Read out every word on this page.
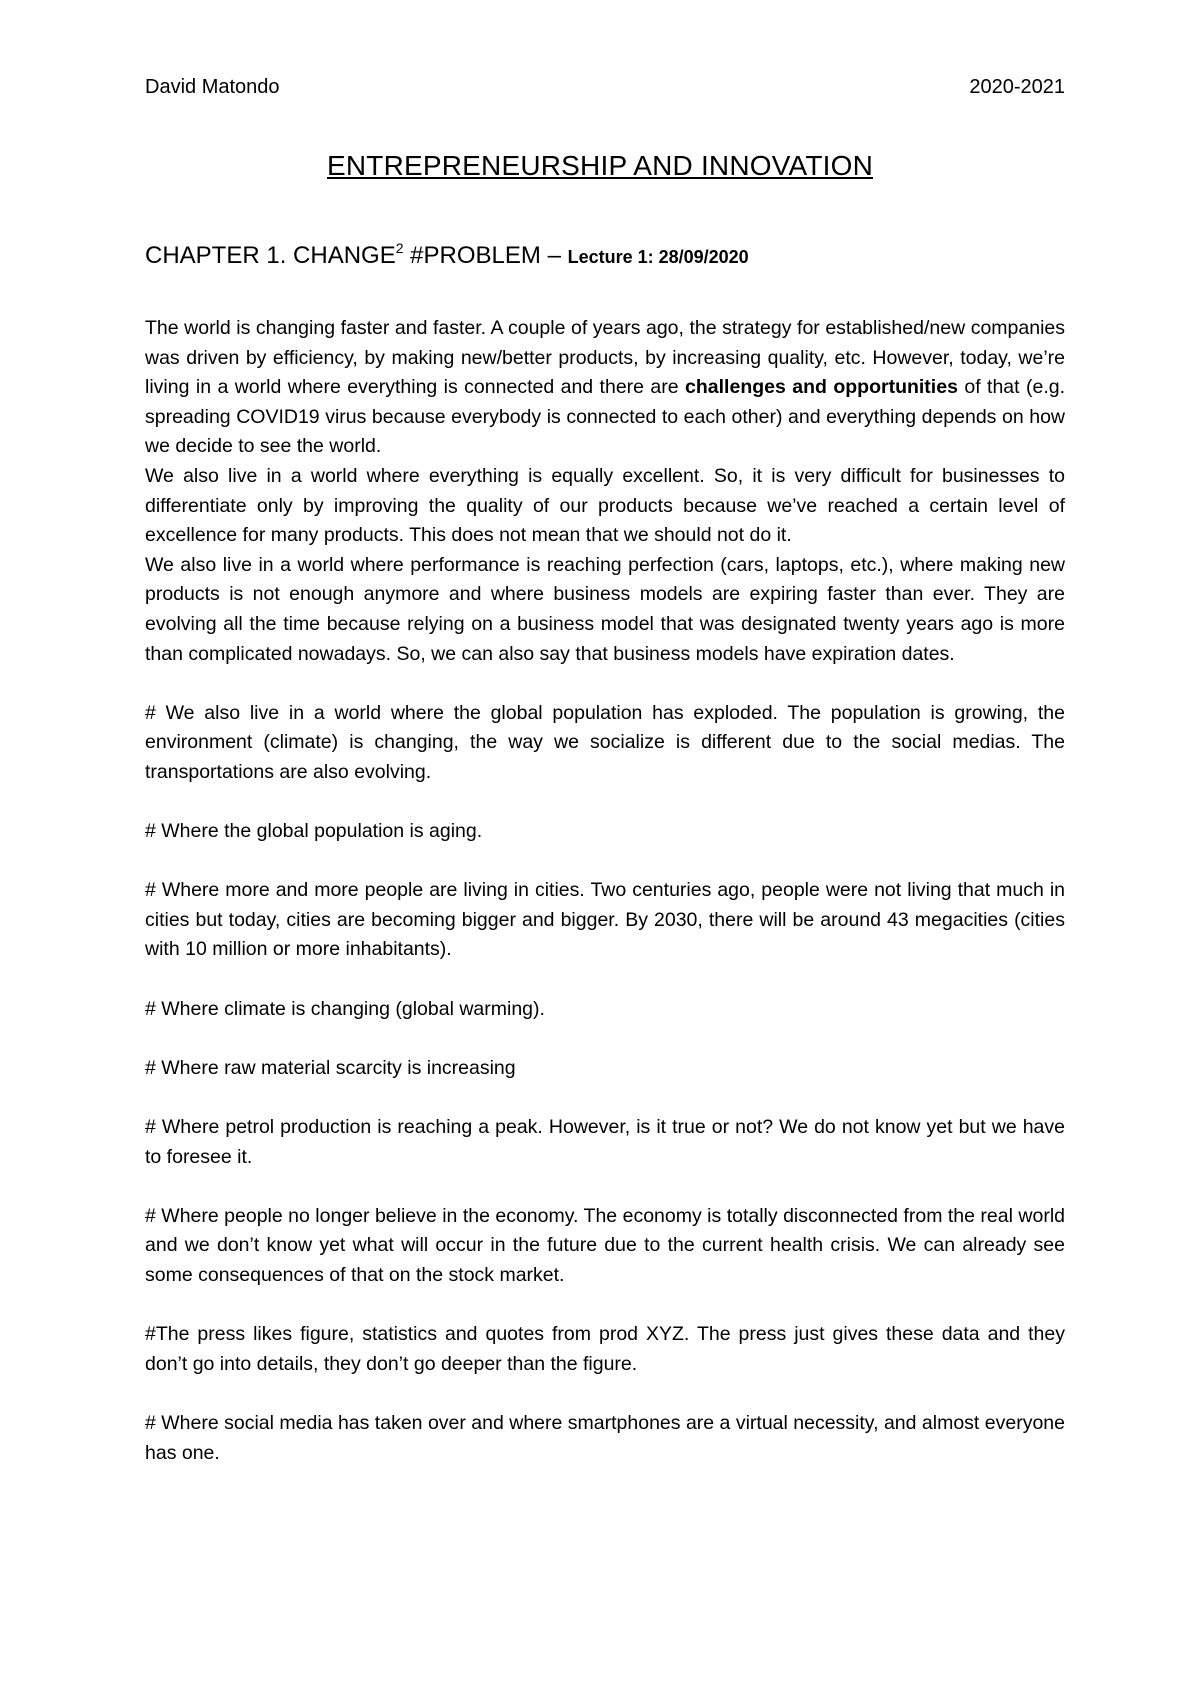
David Matondo	2020-2021
ENTREPRENEURSHIP AND INNOVATION
CHAPTER 1. CHANGE$^2$ #PROBLEM – Lecture 1: 28/09/2020

The world is changing faster and faster. A couple of years ago, the strategy for established/new companies was driven by efficiency, by making new/better products, by increasing quality, etc. However, today, we’re living in a world where everything is connected and there are challenges and opportunities of that (e.g. spreading COVID19 virus because everybody is connected to each other) and everything depends on how we decide to see the world.

We also live in a world where everything is equally excellent. So, it is very difficult for businesses to differentiate only by improving the quality of our products because we’ve reached a certain level of excellence for many products. This does not mean that we should not do it.

We also live in a world where performance is reaching perfection (cars, laptops, etc.), where making new products is not enough anymore and where business models are expiring faster than ever. They are evolving all the time because relying on a business model that was designated twenty years ago is more than complicated nowadays. So, we can also say that business models have expiration dates.

# We also live in a world where the global population has exploded. The population is growing, the environment (climate) is changing, the way we socialize is different due to the social medias. The transportations are also evolving.

# Where the global population is aging.

# Where more and more people are living in cities. Two centuries ago, people were not living that much in cities but today, cities are becoming bigger and bigger. By 2030, there will be around 43 megacities (cities with 10 million or more inhabitants).

# Where climate is changing (global warming).

# Where raw material scarcity is increasing

# Where petrol production is reaching a peak. However, is it true or not? We do not know yet but we have to foresee it.

# Where people no longer believe in the economy. The economy is totally disconnected from the real world and we don’t know yet what will occur in the future due to the current health crisis. We can already see some consequences of that on the stock market.

#The press likes figure, statistics and quotes from prod XYZ. The press just gives these data and they don’t go into details, they don’t go deeper than the figure.

# Where social media has taken over and where smartphones are a virtual necessity, and almost everyone has one.
